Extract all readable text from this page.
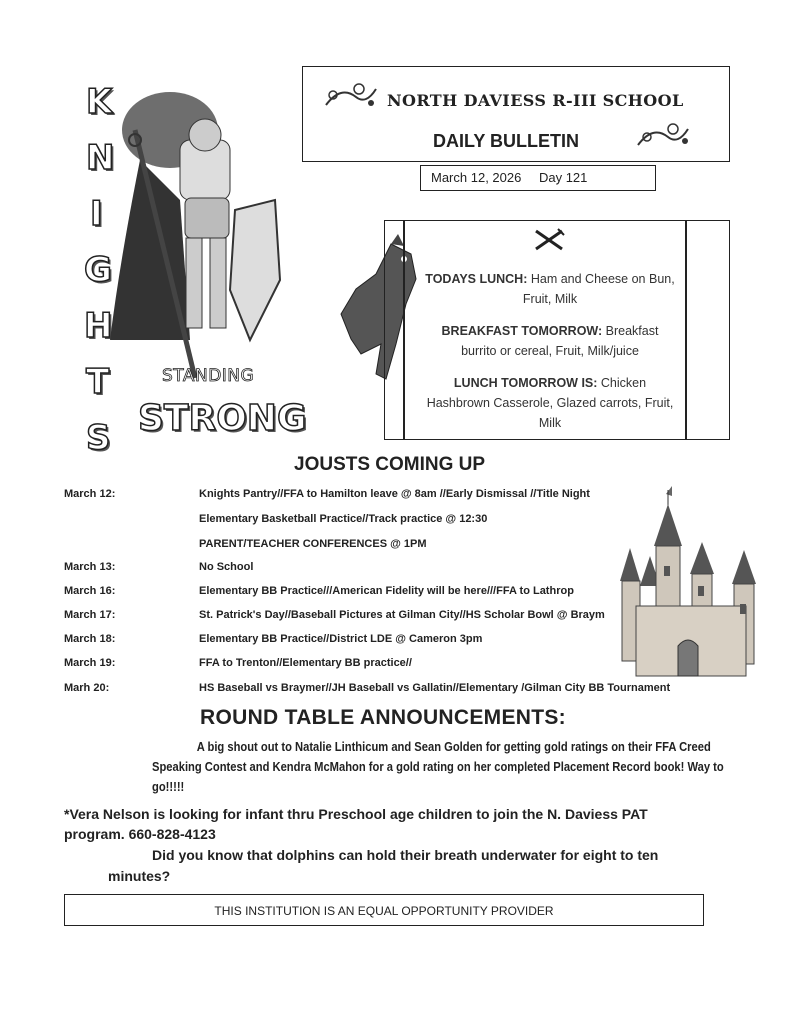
K
N
I
G
H
T
S
STANDING
STRONG
NORTH DAVIESS R-III SCHOOL
DAILY BULLETIN
March 12, 2026 Day 121
TODAYS LUNCH: Ham and Cheese on Bun, Fruit, Milk
BREAKFAST TOMORROW: Breakfast burrito or cereal, Fruit, Milk/juice
LUNCH TOMORROW IS: Chicken Hashbrown Casserole, Glazed carrots, Fruit, Milk
JOUSTS COMING UP
March 12:	Knights Pantry//FFA to Hamilton leave @ 8am //Early Dismissal //Title Night
Elementary Basketball Practice//Track practice @ 12:30
PARENT/TEACHER CONFERENCES @ 1PM
March 13:	No School
March 16:	Elementary BB Practice///American Fidelity will be here///FFA to Lathrop
March 17:	St. Patrick's Day//Baseball Pictures at Gilman City//HS Scholar Bowl @ Braym
March 18:	Elementary BB Practice//District LDE @ Cameron 3pm
March 19:	FFA to Trenton//Elementary BB practice//
Marh 20:	HS Baseball vs Braymer//JH Baseball vs Gallatin//Elementary /Gilman City BB Tournament
ROUND TABLE ANNOUNCEMENTS:
A big shout out to Natalie Linthicum and Sean Golden for getting gold ratings on their FFA Creed Speaking Contest and Kendra McMahon for a gold rating on her completed Placement Record book! Way to go!!!!!
*Vera Nelson is looking for infant thru Preschool age children to join the N. Daviess PAT
program. 660-828-4123
Did you know that dolphins can hold their breath underwater for eight to ten
minutes?
THIS INSTITUTION IS AN EQUAL OPPORTUNITY PROVIDER
